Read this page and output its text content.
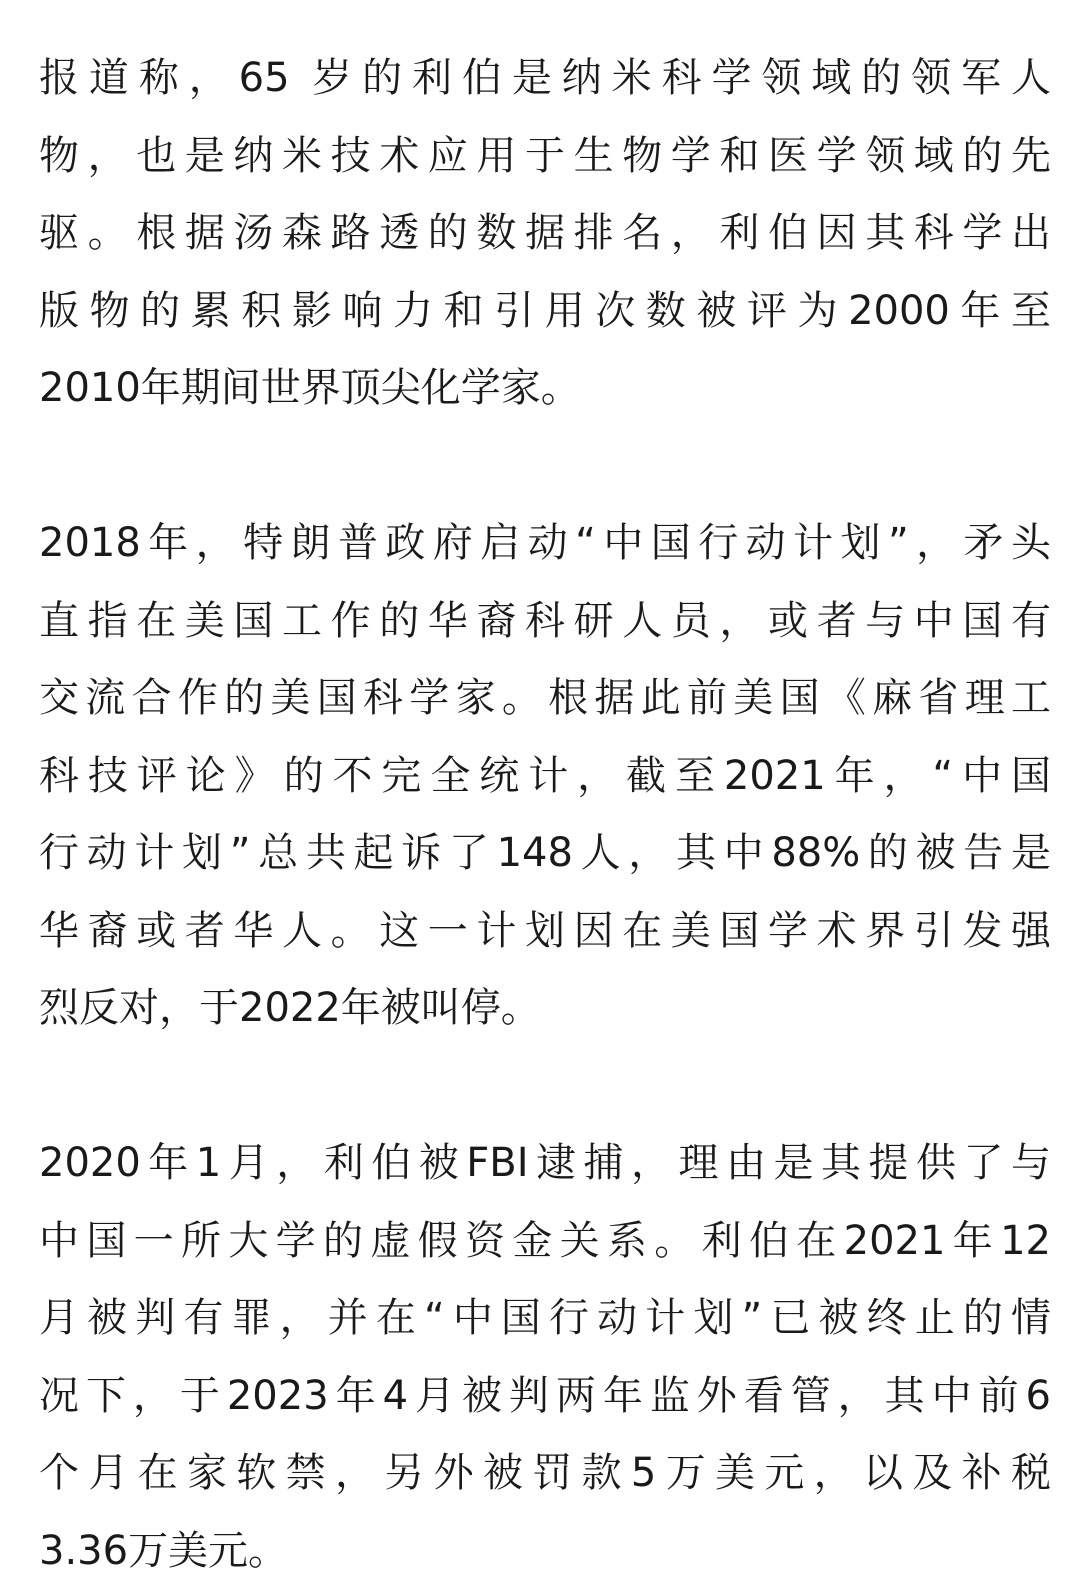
报道称，65 岁的利伯是纳米科学领域的领军人
物，也是纳米技术应用于生物学和医学领域的先
驱。根据汤森路透的数据排名，利伯因其科学出
版物的累积影响力和引用次数被评为2000年至
2010年期间世界顶尖化学家。
2018年，特朗普政府启动“中国行动计划”，矛头
直指在美国工作的华裔科研人员，或者与中国有
交流合作的美国科学家。根据此前美国《麻省理工
科技评论》的不完全统计，截至2021年，“中国
行动计划”总共起诉了148人，其中88%的被告是
华裔或者华人。这一计划因在美国学术界引发强
烈反对，于2022年被叫停。
2020年1月，利伯被FBI逮捕，理由是其提供了与
中国一所大学的虚假资金关系。利伯在2021年12
月被判有罪，并在“中国行动计划”已被终止的情
况下，于2023年4月被判两年监外看管，其中前6
个月在家软禁，另外被罚款5万美元，以及补税
3.36万美元。
